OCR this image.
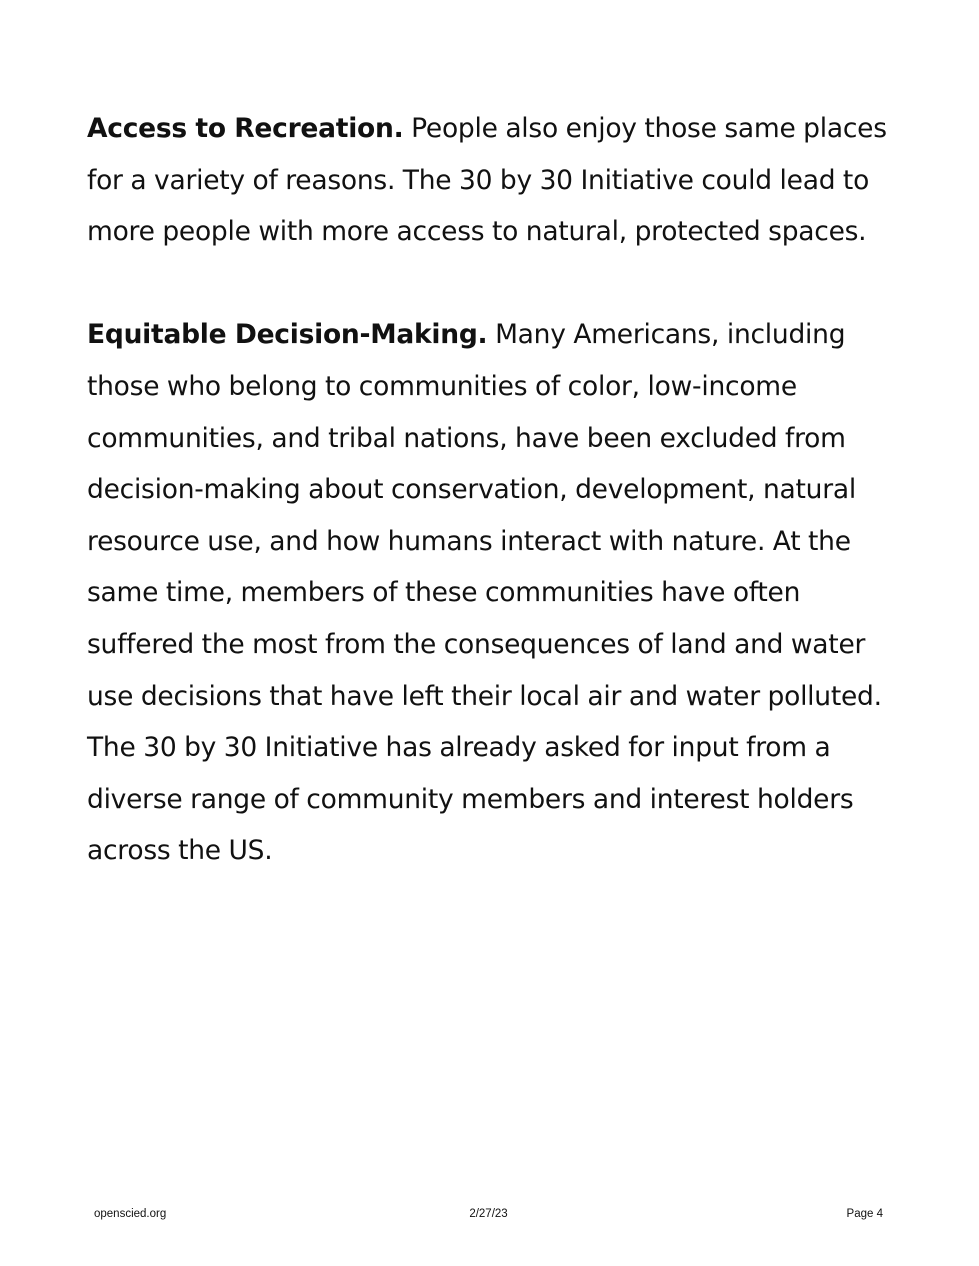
Access to Recreation. People also enjoy those same places for a variety of reasons. The 30 by 30 Initiative could lead to more people with more access to natural, protected spaces.

Equitable Decision-Making. Many Americans, including those who belong to communities of color, low-income communities, and tribal nations, have been excluded from decision-making about conservation, development, natural resource use, and how humans interact with nature. At the same time, members of these communities have often suffered the most from the consequences of land and water use decisions that have left their local air and water polluted. The 30 by 30 Initiative has already asked for input from a diverse range of community members and interest holders across the US.

openscied.org	2/27/23	Page 4
